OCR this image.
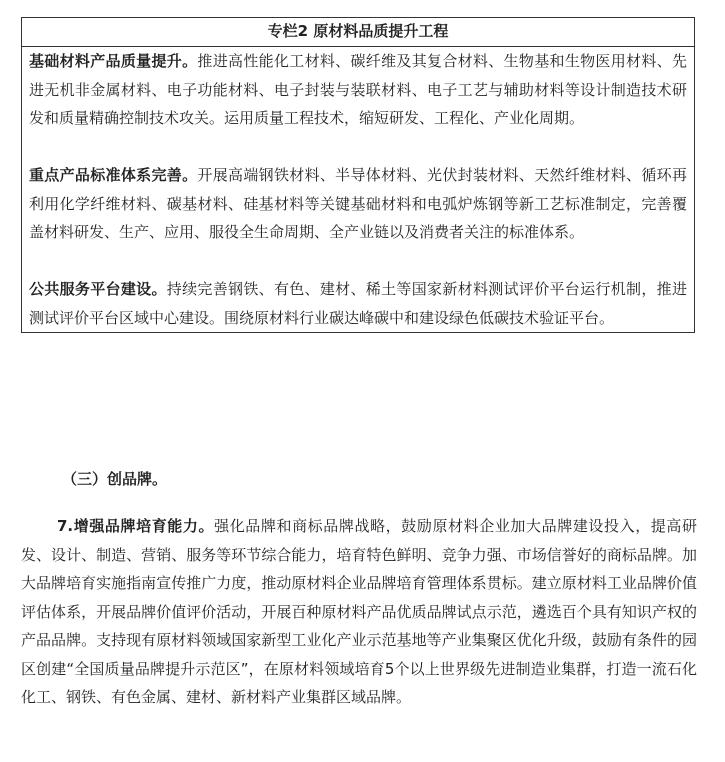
专栏2 原材料品质提升工程

基础材料产品质量提升。推进高性能化工材料、碳纤维及其复合材料、生物基和生物医用材料、先进无机非金属材料、电子功能材料、电子封装与装联材料、电子工艺与辅助材料等设计制造技术研发和质量精确控制技术攻关。运用质量工程技术，缩短研发、工程化、产业化周期。

重点产品标准体系完善。开展高端钢铁材料、半导体材料、光伏封装材料、天然纤维材料、循环再利用化学纤维材料、碳基材料、硅基材料等关键基础材料和电弧炉炼钢等新工艺标准制定，完善覆盖材料研发、生产、应用、服役全生命周期、全产业链以及消费者关注的标准体系。

公共服务平台建设。持续完善钢铁、有色、建材、稀土等国家新材料测试评价平台运行机制，推进测试评价平台区域中心建设。围绕原材料行业碳达峰碳中和建设绿色低碳技术验证平台。

（三）创品牌。

7.增强品牌培育能力。强化品牌和商标品牌战略，鼓励原材料企业加大品牌建设投入，提高研发、设计、制造、营销、服务等环节综合能力，培育特色鲜明、竞争力强、市场信誉好的商标品牌。加大品牌培育实施指南宣传推广力度，推动原材料企业品牌培育管理体系贯标。建立原材料工业品牌价值评估体系，开展品牌价值评价活动，开展百种原材料产品优质品牌试点示范，遴选百个具有知识产权的产品品牌。支持现有原材料领域国家新型工业化产业示范基地等产业集聚区优化升级，鼓励有条件的园区创建“全国质量品牌提升示范区”，在原材料领域培育5个以上世界级先进制造业集群，打造一流石化化工、钢铁、有色金属、建材、新材料产业集群区域品牌。
